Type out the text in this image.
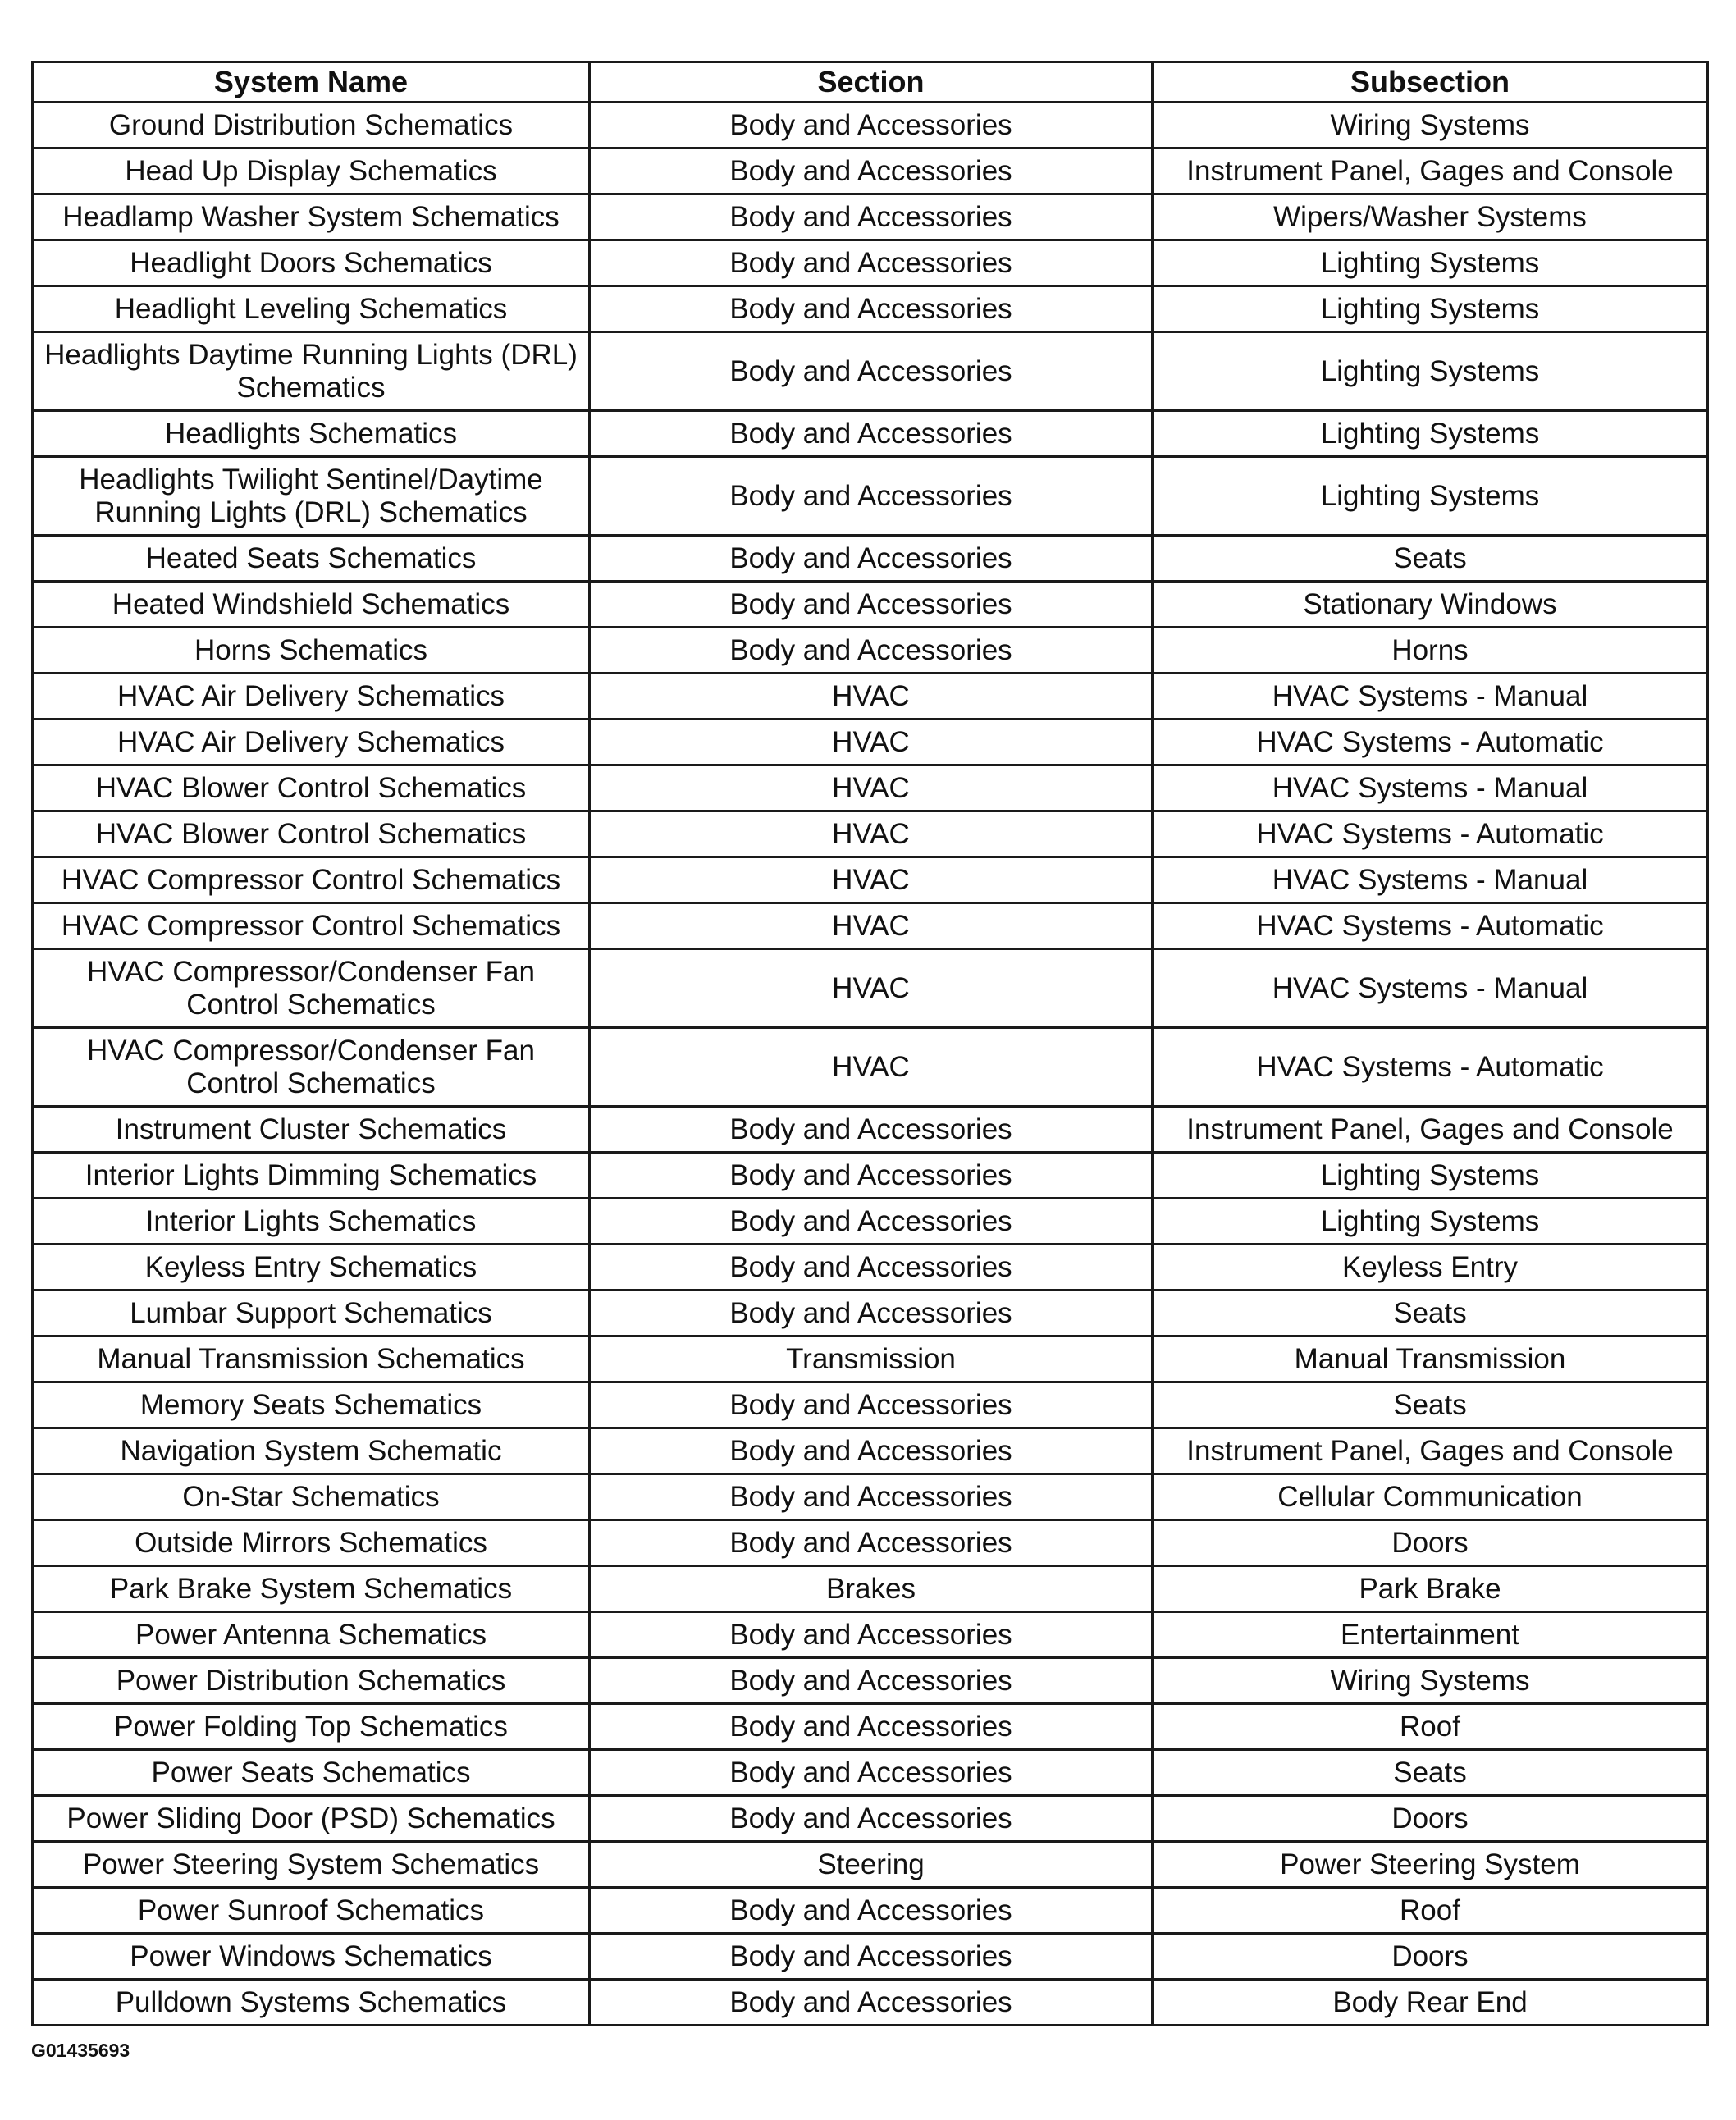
System Name	Section	Subsection
Ground Distribution Schematics	Body and Accessories	Wiring Systems
Head Up Display Schematics	Body and Accessories	Instrument Panel, Gages and Console
Headlamp Washer System Schematics	Body and Accessories	Wipers/Washer Systems
Headlight Doors Schematics	Body and Accessories	Lighting Systems
Headlight Leveling Schematics	Body and Accessories	Lighting Systems
Headlights Daytime Running Lights (DRL) Schematics	Body and Accessories	Lighting Systems
Headlights Schematics	Body and Accessories	Lighting Systems
Headlights Twilight Sentinel/Daytime Running Lights (DRL) Schematics	Body and Accessories	Lighting Systems
Heated Seats Schematics	Body and Accessories	Seats
Heated Windshield Schematics	Body and Accessories	Stationary Windows
Horns Schematics	Body and Accessories	Horns
HVAC Air Delivery Schematics	HVAC	HVAC Systems - Manual
HVAC Air Delivery Schematics	HVAC	HVAC Systems - Automatic
HVAC Blower Control Schematics	HVAC	HVAC Systems - Manual
HVAC Blower Control Schematics	HVAC	HVAC Systems - Automatic
HVAC Compressor Control Schematics	HVAC	HVAC Systems - Manual
HVAC Compressor Control Schematics	HVAC	HVAC Systems - Automatic
HVAC Compressor/Condenser Fan Control Schematics	HVAC	HVAC Systems - Manual
HVAC Compressor/Condenser Fan Control Schematics	HVAC	HVAC Systems - Automatic
Instrument Cluster Schematics	Body and Accessories	Instrument Panel, Gages and Console
Interior Lights Dimming Schematics	Body and Accessories	Lighting Systems
Interior Lights Schematics	Body and Accessories	Lighting Systems
Keyless Entry Schematics	Body and Accessories	Keyless Entry
Lumbar Support Schematics	Body and Accessories	Seats
Manual Transmission Schematics	Transmission	Manual Transmission
Memory Seats Schematics	Body and Accessories	Seats
Navigation System Schematic	Body and Accessories	Instrument Panel, Gages and Console
On-Star Schematics	Body and Accessories	Cellular Communication
Outside Mirrors Schematics	Body and Accessories	Doors
Park Brake System Schematics	Brakes	Park Brake
Power Antenna Schematics	Body and Accessories	Entertainment
Power Distribution Schematics	Body and Accessories	Wiring Systems
Power Folding Top Schematics	Body and Accessories	Roof
Power Seats Schematics	Body and Accessories	Seats
Power Sliding Door (PSD) Schematics	Body and Accessories	Doors
Power Steering System Schematics	Steering	Power Steering System
Power Sunroof Schematics	Body and Accessories	Roof
Power Windows Schematics	Body and Accessories	Doors
Pulldown Systems Schematics	Body and Accessories	Body Rear End
G01435693
